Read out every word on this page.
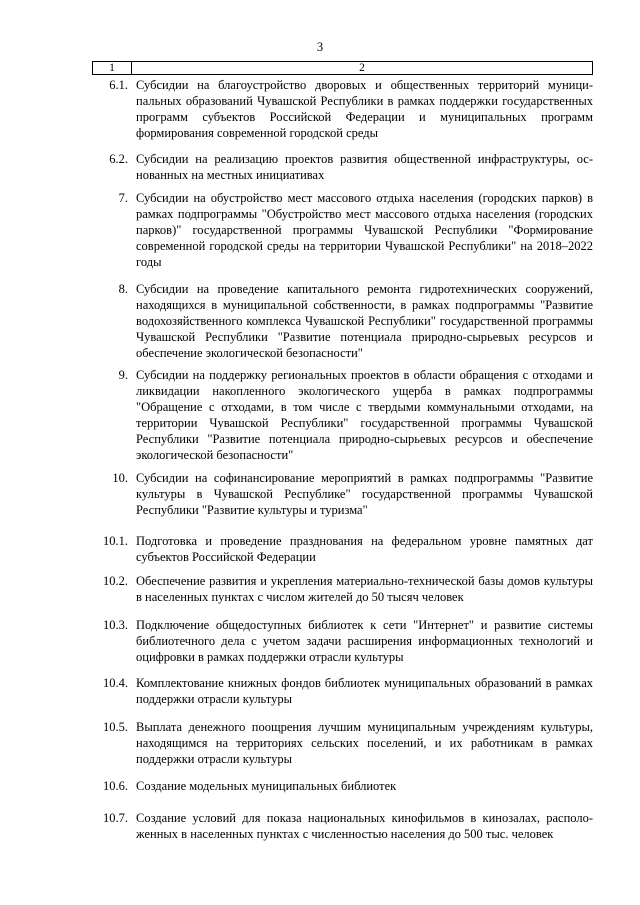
3
1	2
6.1. Субсидии на благоустройство дворовых и общественных территорий муниципальных образований Чувашской Республики в рамках поддержки государственных программ субъектов Российской Федерации и муниципальных программ формирования современной городской среды
6.2. Субсидии на реализацию проектов развития общественной инфраструктуры, основанных на местных инициативах
7. Субсидии на обустройство мест массового отдыха населения (городских парков) в рамках подпрограммы "Обустройство мест массового отдыха населения (городских парков)" государственной программы Чувашской Республики "Формирование современной городской среды на территории Чувашской Республики" на 2018–2022 годы
8. Субсидии на проведение капитального ремонта гидротехнических сооружений, находящихся в муниципальной собственности, в рамках подпрограммы "Развитие водохозяйственного комплекса Чувашской Республики" государственной программы Чувашской Республики "Развитие потенциала природно-сырьевых ресурсов и обеспечение экологической безопасности"
9. Субсидии на поддержку региональных проектов в области обращения с отходами и ликвидации накопленного экологического ущерба в рамках подпрограммы "Обращение с отходами, в том числе с твердыми коммунальными отходами, на территории Чувашской Республики" государственной программы Чувашской Республики "Развитие потенциала природно-сырьевых ресурсов и обеспечение экологической безопасности"
10. Субсидии на софинансирование мероприятий в рамках подпрограммы "Развитие культуры в Чувашской Республике" государственной программы Чувашской Республики "Развитие культуры и туризма"
10.1. Подготовка и проведение празднования на федеральном уровне памятных дат субъектов Российской Федерации
10.2. Обеспечение развития и укрепления материально-технической базы домов культуры в населенных пунктах с числом жителей до 50 тысяч человек
10.3. Подключение общедоступных библиотек к сети "Интернет" и развитие системы библиотечного дела с учетом задачи расширения информационных технологий и оцифровки в рамках поддержки отрасли культуры
10.4. Комплектование книжных фондов библиотек муниципальных образований в рамках поддержки отрасли культуры
10.5. Выплата денежного поощрения лучшим муниципальным учреждениям культуры, находящимся на территориях сельских поселений, и их работникам в рамках поддержки отрасли культуры
10.6. Создание модельных муниципальных библиотек
10.7. Создание условий для показа национальных кинофильмов в кинозалах, расположенных в населенных пунктах с численностью населения до 500 тыс. человек
